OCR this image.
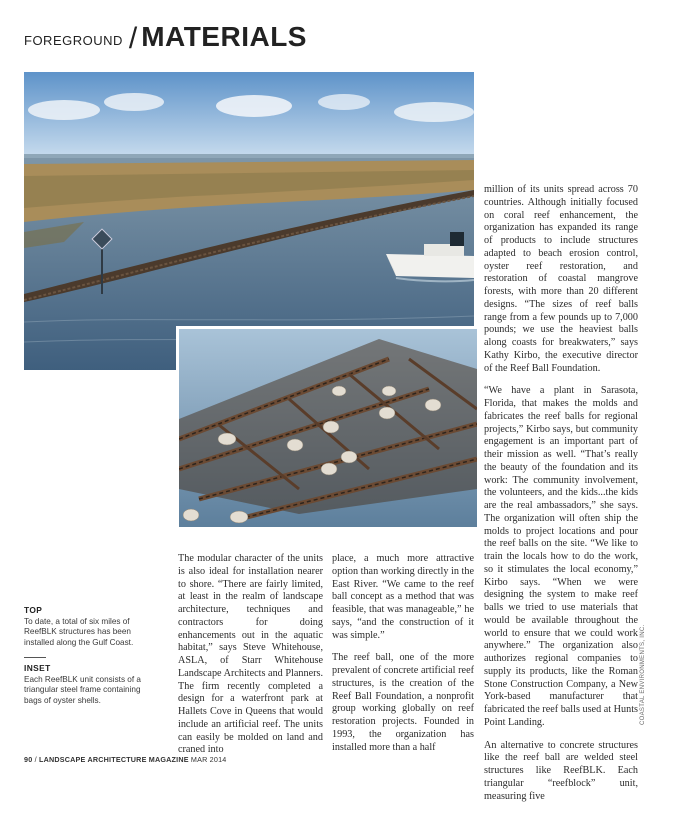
FOREGROUND / MATERIALS

million of its units spread across 70 countries. Although initially focused on coral reef enhancement, the organization has expanded its range of products to include structures adapted to beach erosion control, oyster reef restoration, and restoration of coastal mangrove forests, with more than 20 different designs. “The sizes of reef balls range from a few pounds up to 7,000 pounds; we use the heaviest balls along coasts for breakwaters,” says Kathy Kirbo, the executive director of the Reef Ball Foundation.

“We have a plant in Sarasota, Florida, that makes the molds and fabricates the reef balls for regional projects,” Kirbo says, but community engagement is an important part of their mission as well. “That’s really the beauty of the foundation and its work: The community involvement, the volunteers, and the kids...the kids are the real ambassadors,” she says. The organization will often ship the molds to project locations and pour the reef balls on the site. “We like to train the locals how to do the work, so it stimulates the local economy,” Kirbo says. “When we were designing the system to make reef balls we tried to use materials that would be available throughout the world to ensure that we could work anywhere.” The organization also authorizes regional companies to supply its products, like the Roman Stone Construction Company, a New York-based manufacturer that fabricated the reef balls used at Hunts Point Landing.

An alternative to concrete structures like the reef ball are welded steel structures like ReefBLK. Each triangular “reefblock” unit, measuring five

The modular character of the units is also ideal for installation nearer to shore. “There are fairly limited, at least in the realm of landscape architecture, techniques and contractors for doing enhancements out in the aquatic habitat,” says Steve Whitehouse, ASLA, of Starr Whitehouse Landscape Architects and Planners. The firm recently completed a design for a waterfront park at Hallets Cove in Queens that would include an artificial reef. The units can easily be molded on land and craned into

place, a much more attractive option than working directly in the East River. “We came to the reef ball concept as a method that was feasible, that was manageable,” he says, “and the construction of it was simple.”

The reef ball, one of the more prevalent of concrete artificial reef structures, is the creation of the Reef Ball Foundation, a nonprofit group working globally on reef restoration projects. Founded in 1993, the organization has installed more than a half

TOP
To date, a total of six miles of ReefBLK structures has been installed along the Gulf Coast.
INSET
Each ReefBLK unit consists of a triangular steel frame containing bags of oyster shells.	COASTAL ENVIRONMENTS, INC.
90 / LANDSCAPE ARCHITECTURE MAGAZINE MAR 2014
